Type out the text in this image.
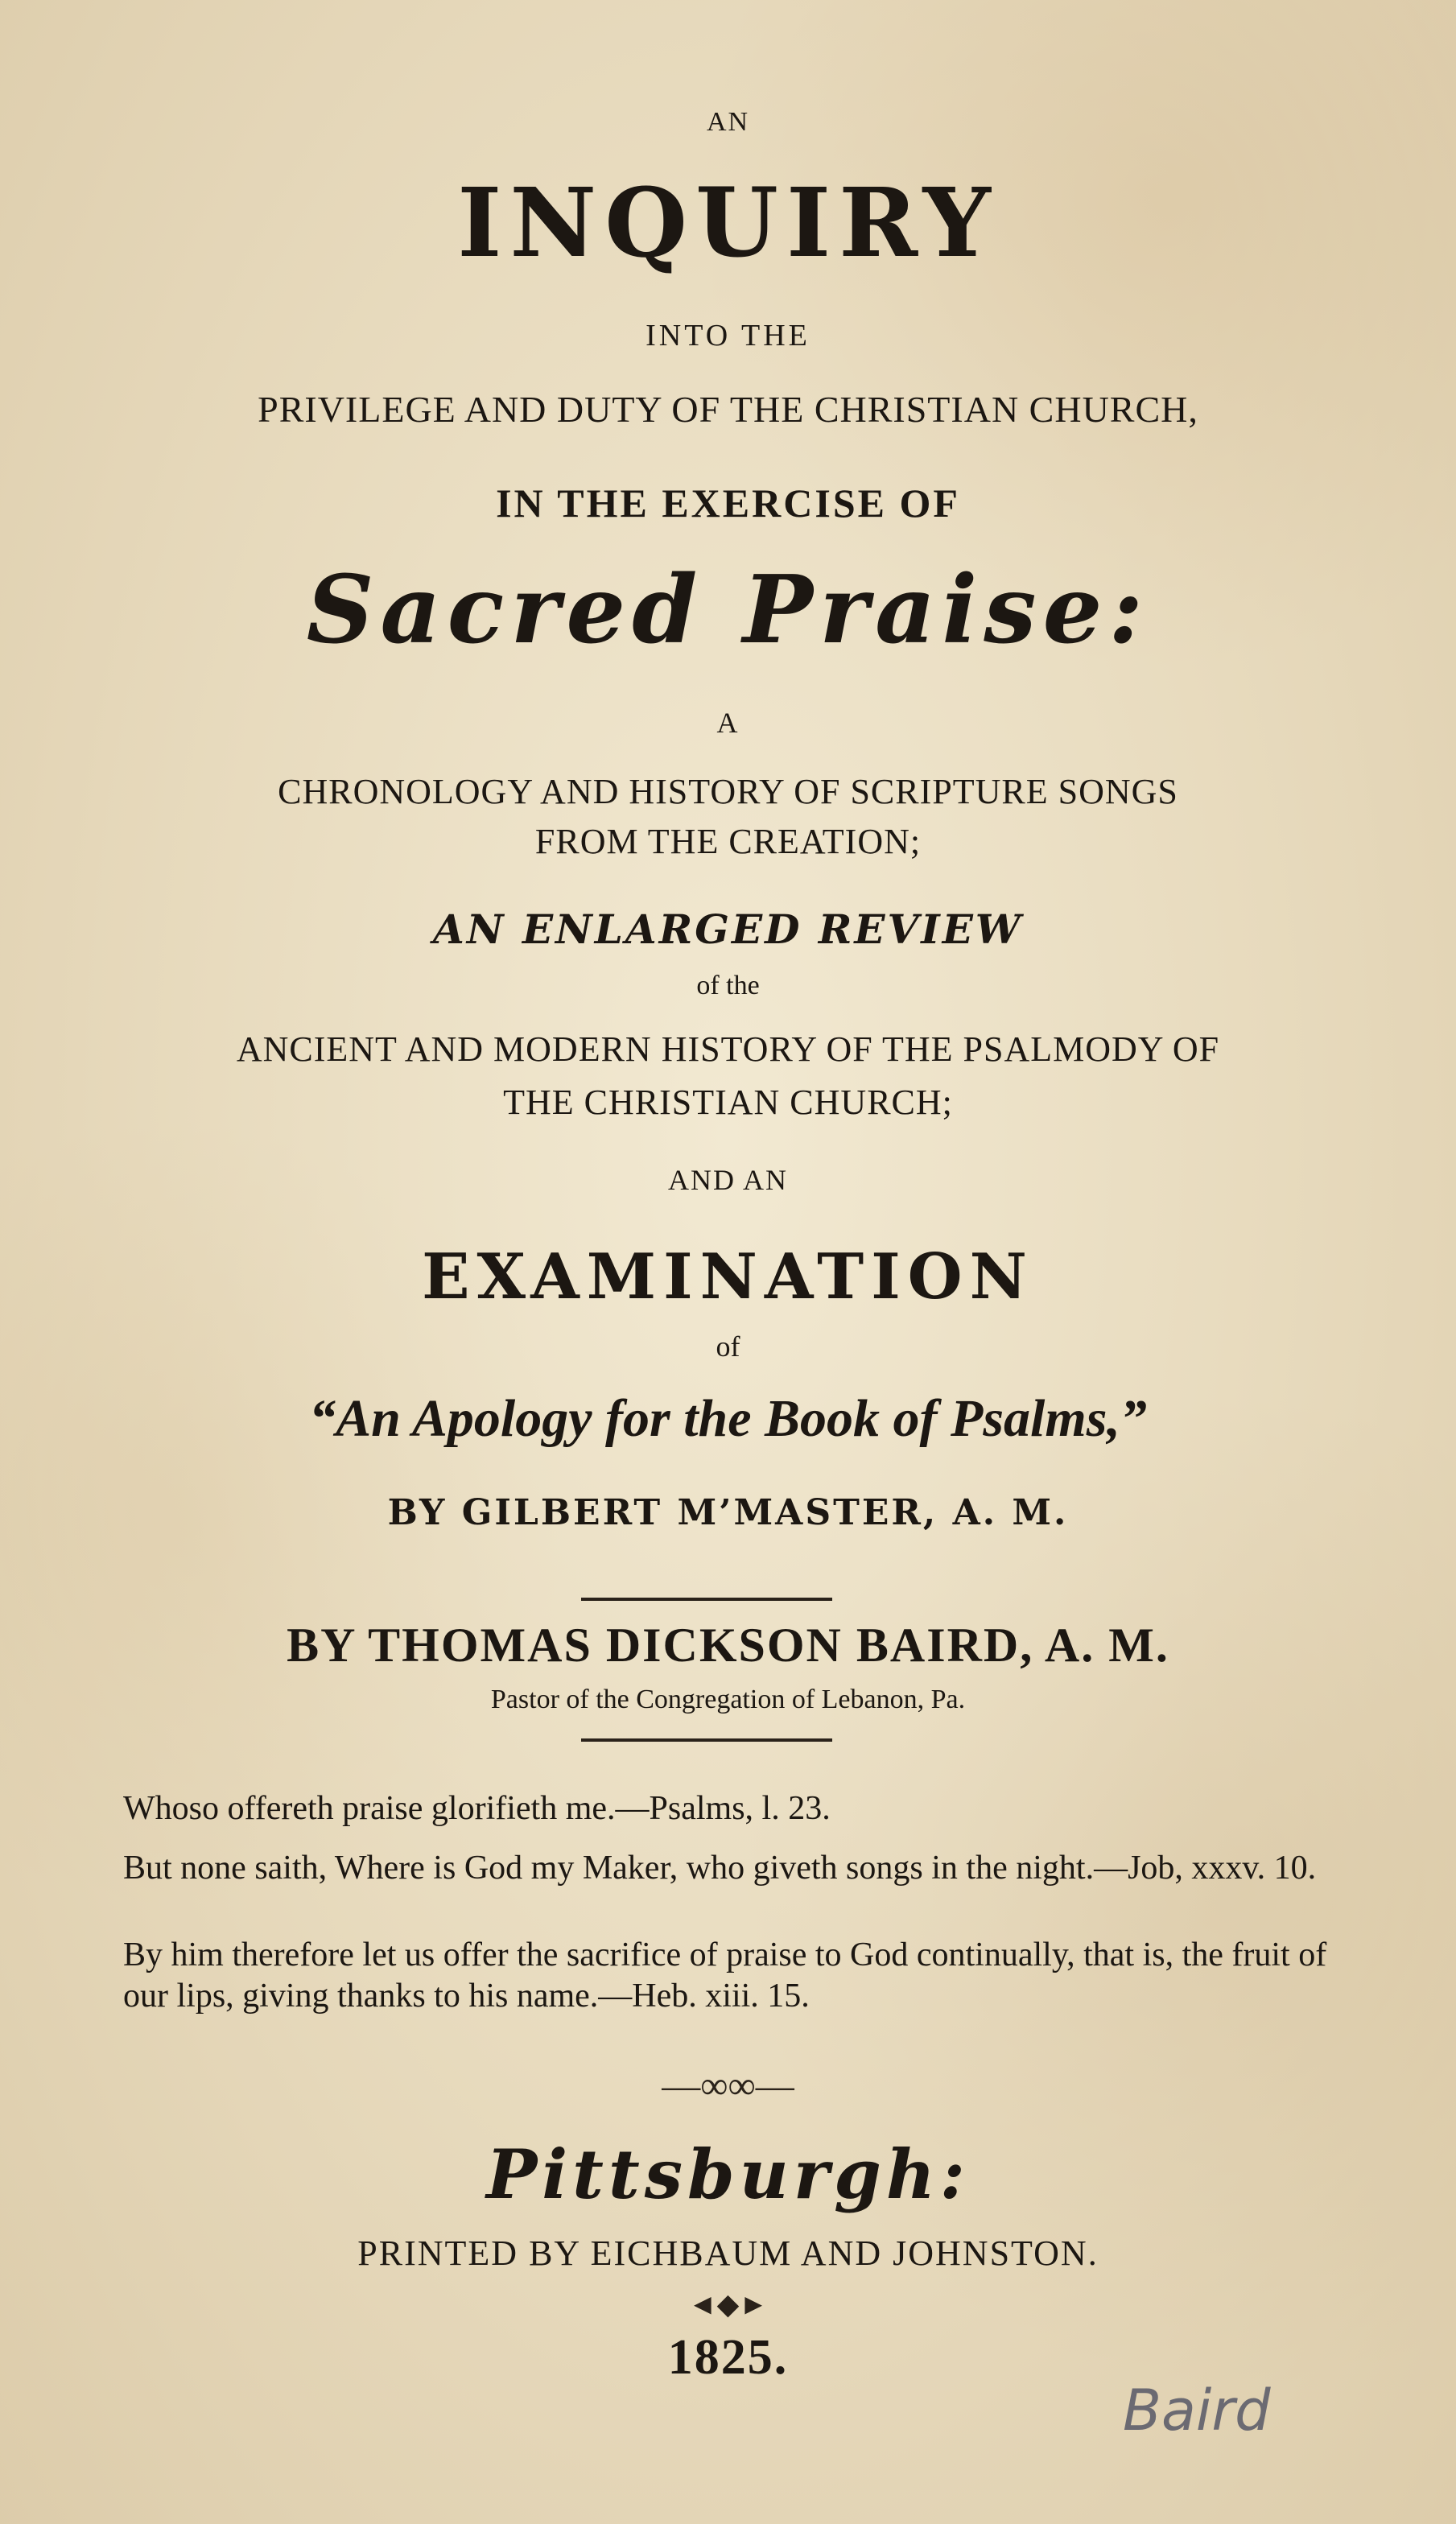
AN
INQUIRY
INTO THE
PRIVILEGE AND DUTY OF THE CHRISTIAN CHURCH,
IN THE EXERCISE OF
Sacred Praise:
A
CHRONOLOGY AND HISTORY OF SCRIPTURE SONGS
FROM THE CREATION;
AN ENLARGED REVIEW
of the
ANCIENT AND MODERN HISTORY OF THE PSALMODY OF
THE CHRISTIAN CHURCH;
AND AN
EXAMINATION
of
“An Apology for the Book of Psalms,”
BY GILBERT M’MASTER, A. M.
BY THOMAS DICKSON BAIRD, A. M.
Pastor of the Congregation of Lebanon, Pa.
Whoso offereth praise glorifieth me.—Psalms, l. 23.
But none saith, Where is God my Maker, who giveth songs in the night.—Job, xxxv. 10.
By him therefore let us offer the sacrifice of praise to God continually, that is, the fruit of our lips, giving thanks to his name.—Heb. xiii. 15.
—∞∞—
Pittsburgh:
PRINTED BY EICHBAUM AND JOHNSTON.
◄◆►
1825.
Baird
